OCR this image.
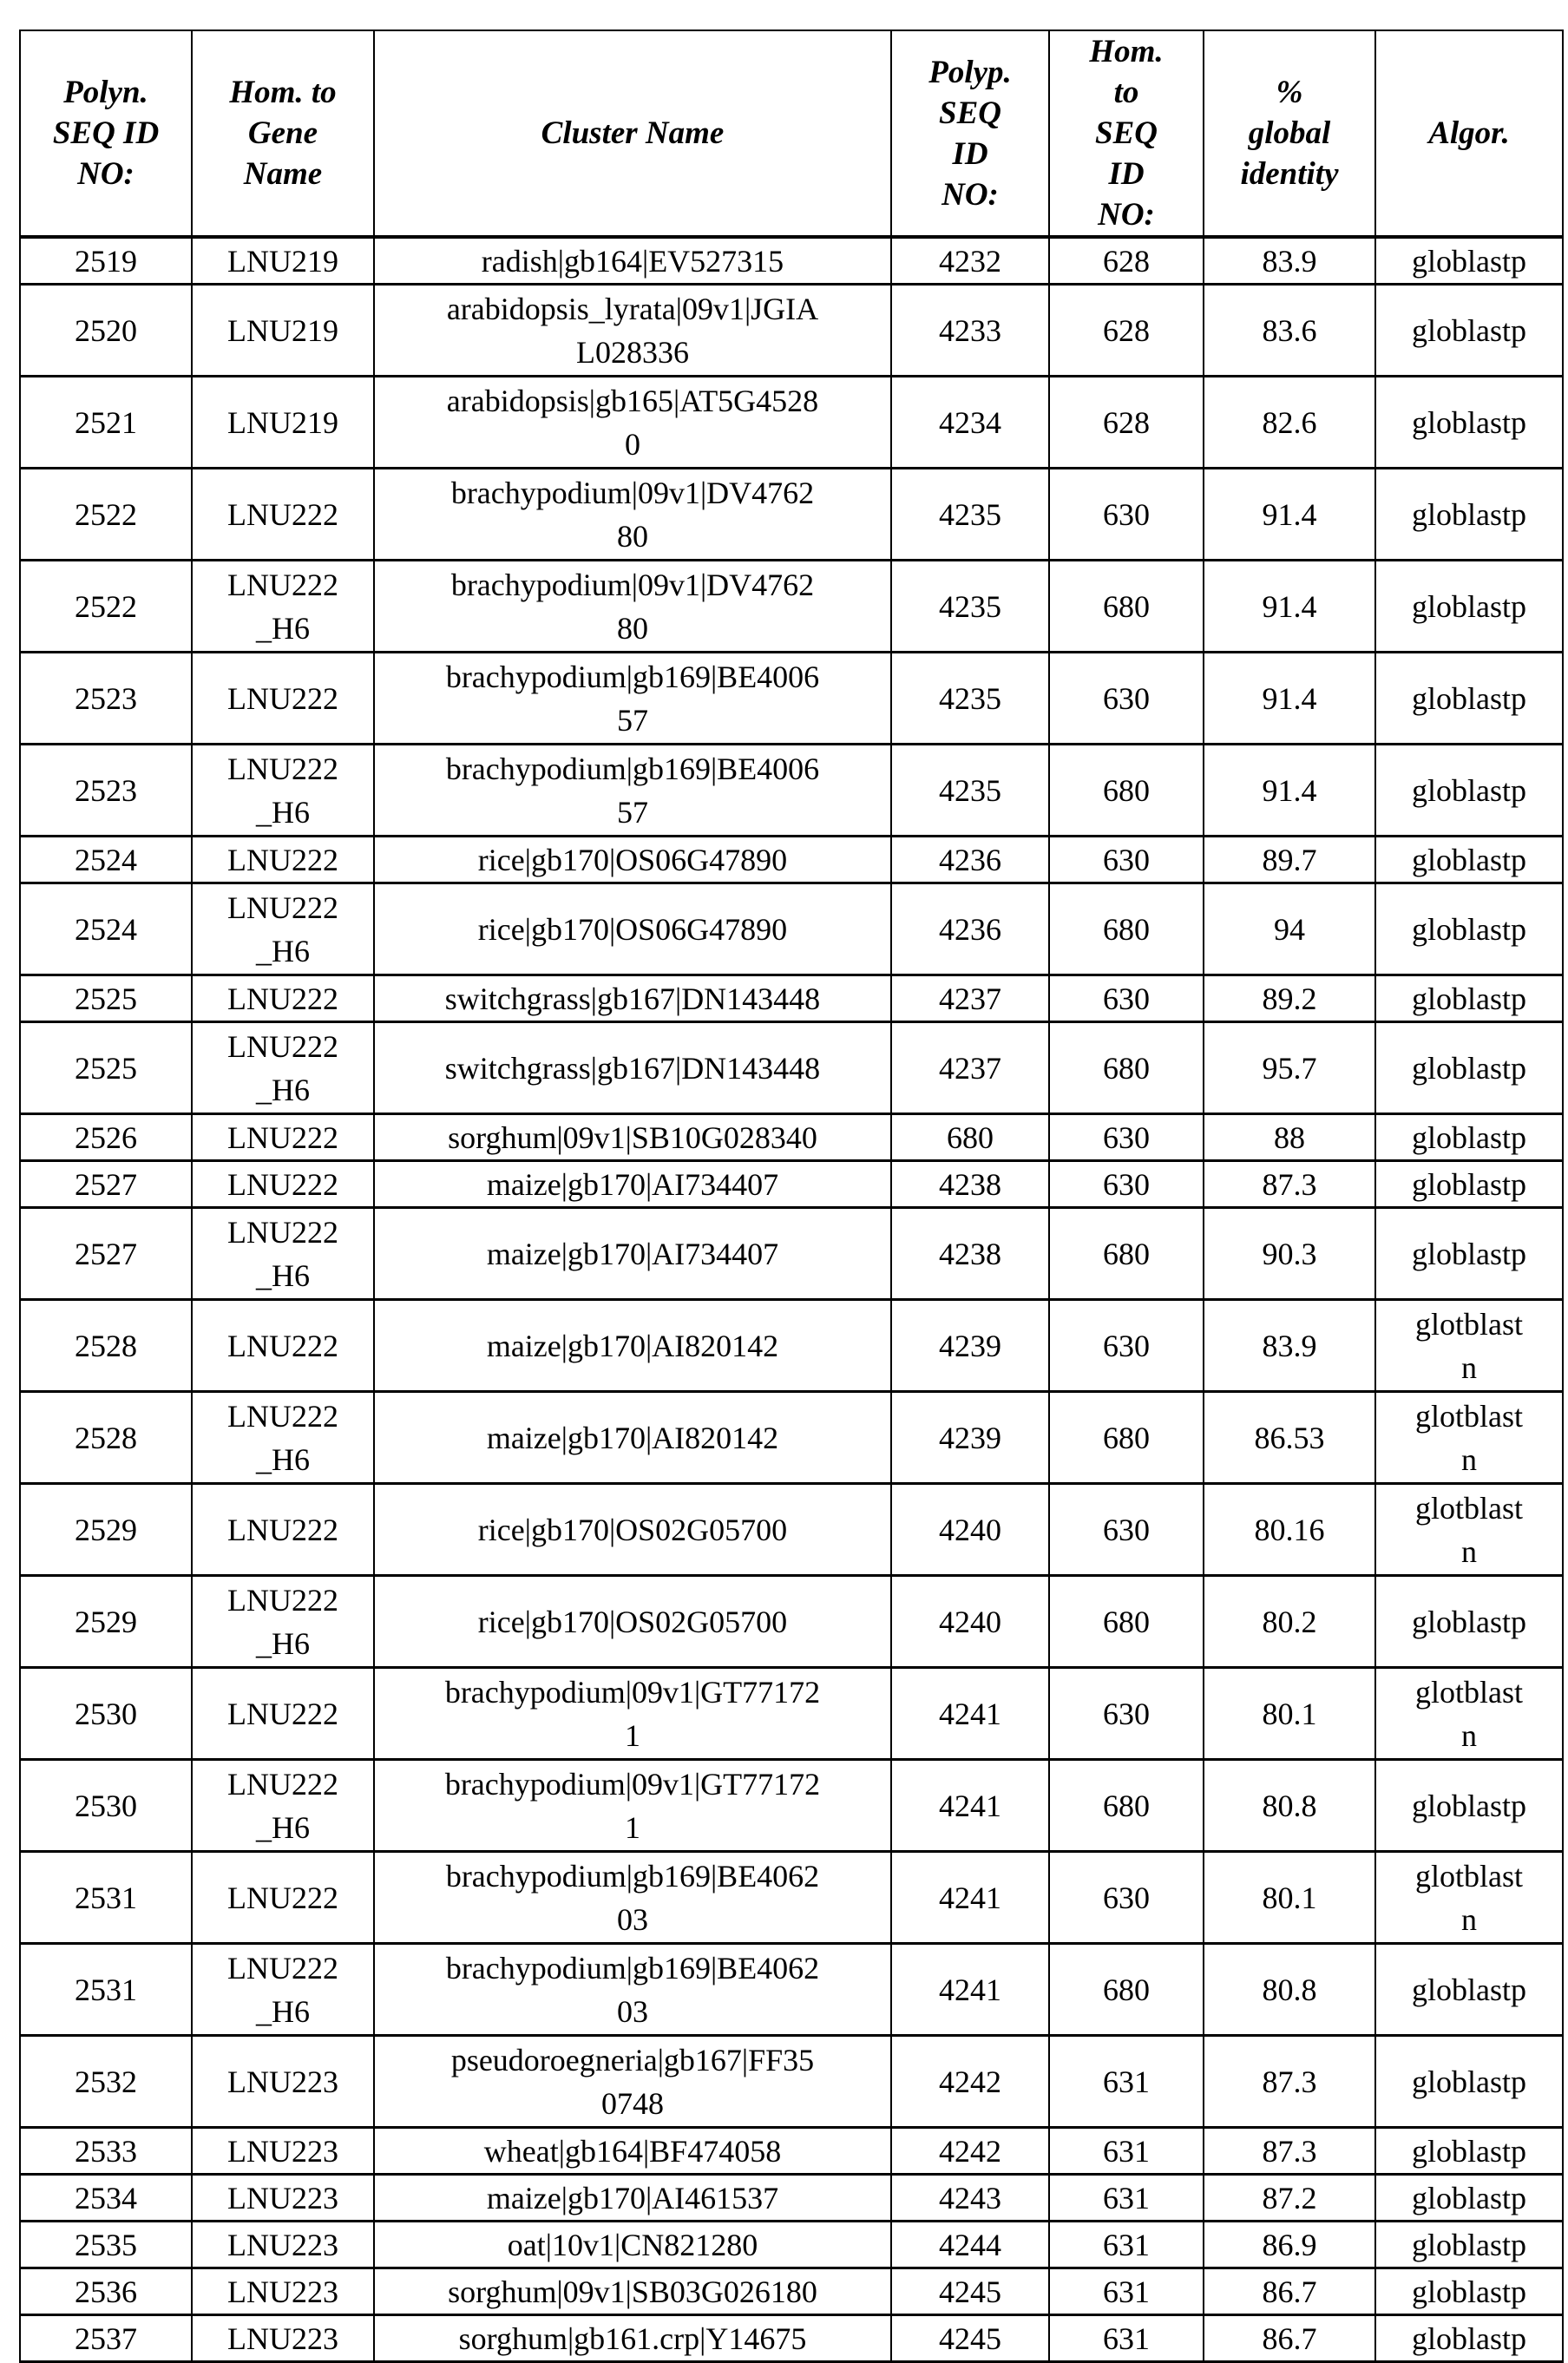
Polyn.
SEQ ID
NO:	Hom. to
Gene
Name	Cluster Name	Polyp.
SEQ
ID
NO:	Hom.
to
SEQ
ID
NO:	%
global
identity	Algor.

2519	LNU219	radish|gb164|EV527315	4232	628	83.9	globlastp

2520	LNU219	arabidopsis_lyrata|09v1|JGIA
L028336	4233	628	83.6	globlastp

2521	LNU219	arabidopsis|gb165|AT5G4528
0	4234	628	82.6	globlastp

2522	LNU222	brachypodium|09v1|DV4762
80	4235	630	91.4	globlastp

2522	LNU222
_H6	brachypodium|09v1|DV4762
80	4235	680	91.4	globlastp

2523	LNU222	brachypodium|gb169|BE4006
57	4235	630	91.4	globlastp

2523	LNU222
_H6	brachypodium|gb169|BE4006
57	4235	680	91.4	globlastp

2524	LNU222	rice|gb170|OS06G47890	4236	630	89.7	globlastp

2524	LNU222
_H6	rice|gb170|OS06G47890	4236	680	94	globlastp

2525	LNU222	switchgrass|gb167|DN143448	4237	630	89.2	globlastp

2525	LNU222
_H6	switchgrass|gb167|DN143448	4237	680	95.7	globlastp

2526	LNU222	sorghum|09v1|SB10G028340	680	630	88	globlastp

2527	LNU222	maize|gb170|AI734407	4238	630	87.3	globlastp

2527	LNU222
_H6	maize|gb170|AI734407	4238	680	90.3	globlastp

2528	LNU222	maize|gb170|AI820142	4239	630	83.9	glotblast
n

2528	LNU222
_H6	maize|gb170|AI820142	4239	680	86.53	glotblast
n

2529	LNU222	rice|gb170|OS02G05700	4240	630	80.16	glotblast
n

2529	LNU222
_H6	rice|gb170|OS02G05700	4240	680	80.2	globlastp

2530	LNU222	brachypodium|09v1|GT77172
1	4241	630	80.1	glotblast
n

2530	LNU222
_H6	brachypodium|09v1|GT77172
1	4241	680	80.8	globlastp

2531	LNU222	brachypodium|gb169|BE4062
03	4241	630	80.1	glotblast
n

2531	LNU222
_H6	brachypodium|gb169|BE4062
03	4241	680	80.8	globlastp

2532	LNU223	pseudoroegneria|gb167|FF35
0748	4242	631	87.3	globlastp

2533	LNU223	wheat|gb164|BF474058	4242	631	87.3	globlastp

2534	LNU223	maize|gb170|AI461537	4243	631	87.2	globlastp

2535	LNU223	oat|10v1|CN821280	4244	631	86.9	globlastp

2536	LNU223	sorghum|09v1|SB03G026180	4245	631	86.7	globlastp

2537	LNU223	sorghum|gb161.crp|Y14675	4245	631	86.7	globlastp
